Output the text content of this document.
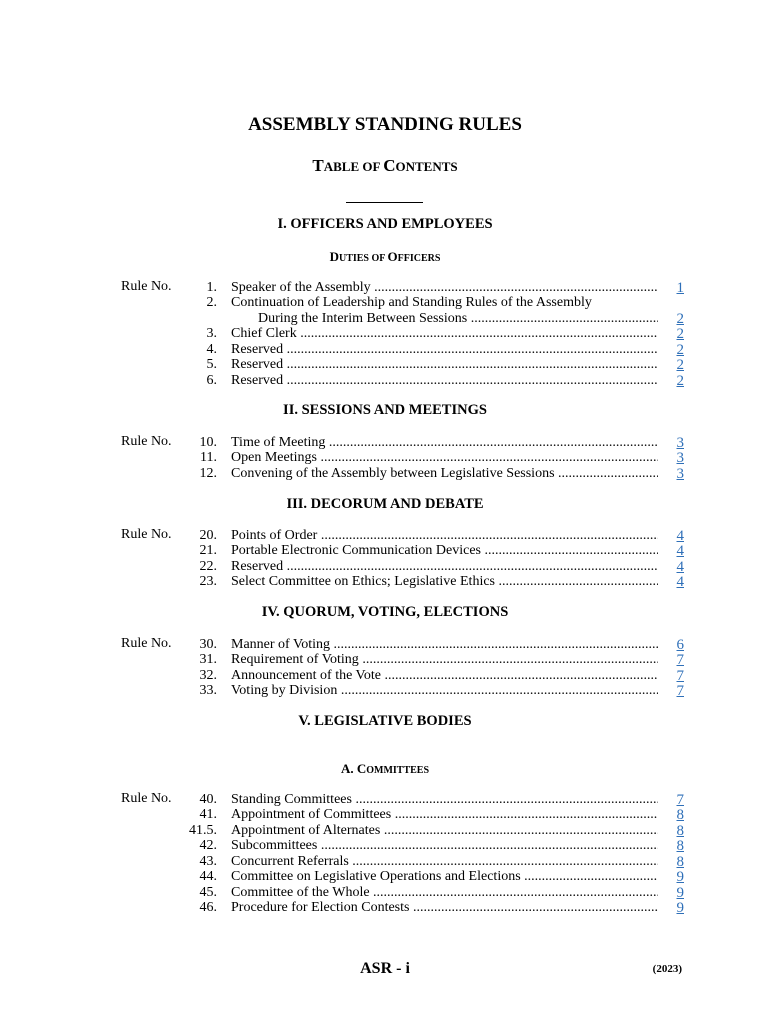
ASSEMBLY STANDING RULES
TABLE OF CONTENTS
I. OFFICERS AND EMPLOYEES
DUTIES OF OFFICERS
Rule No. 1. Speaker of the Assembly .....	1
2. Continuation of Leadership and Standing Rules of the Assembly
During the Interim Between Sessions .....	2
3. Chief Clerk .....	2
4. Reserved .....	2
5. Reserved .....	2
6. Reserved .....	2
II. SESSIONS AND MEETINGS
Rule No. 10. Time of Meeting .....	3
11. Open Meetings .....	3
12. Convening of the Assembly between Legislative Sessions .....	3
III. DECORUM AND DEBATE
Rule No. 20. Points of Order .....	4
21. Portable Electronic Communication Devices .....	4
22. Reserved .....	4
23. Select Committee on Ethics; Legislative Ethics .....	4
IV. QUORUM, VOTING, ELECTIONS
Rule No. 30. Manner of Voting .....	6
31. Requirement of Voting .....	7
32. Announcement of the Vote .....	7
33. Voting by Division .....	7
V. LEGISLATIVE BODIES
A. COMMITTEES
Rule No. 40. Standing Committees .....	7
41. Appointment of Committees .....	8
41.5. Appointment of Alternates .....	8
42. Subcommittees .....	8
43. Concurrent Referrals .....	8
44. Committee on Legislative Operations and Elections .....	9
45. Committee of the Whole .....	9
46. Procedure for Election Contests .....	9
ASR - i	(2023)
